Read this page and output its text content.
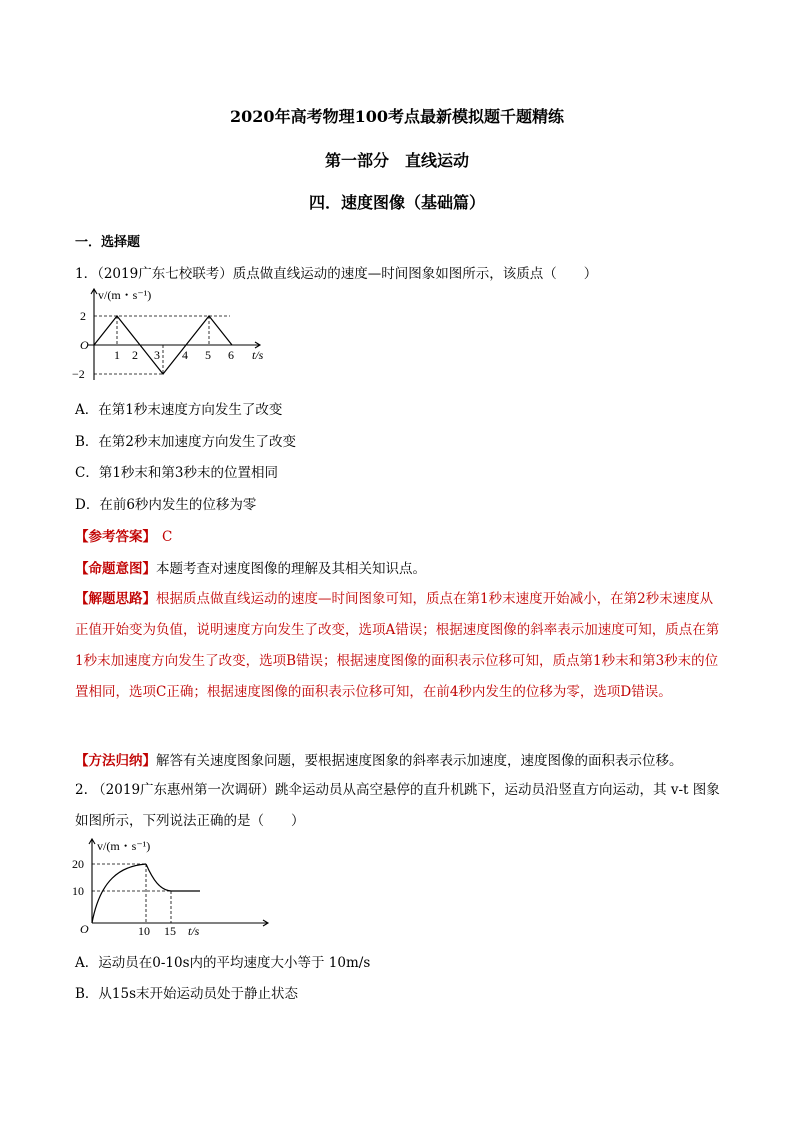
2020年高考物理100考点最新模拟题千题精练
第一部分　直线运动
四．速度图像（基础篇）
一．选择题
1．（2019广东七校联考）质点做直线运动的速度—时间图象如图所示，该质点（　　）
v/(m・s⁻¹)
2
−2
O
1 2 3 4 5 6 t/s
A．在第1秒末速度方向发生了改变
B．在第2秒末加速度方向发生了改变
C．第1秒末和第3秒末的位置相同
D．在前6秒内发生的位移为零
【参考答案】 C
【命题意图】本题考查对速度图像的理解及其相关知识点。
【解题思路】根据质点做直线运动的速度—时间图象可知，质点在第1秒末速度开始减小，在第2秒末速度从正值开始变为负值，说明速度方向发生了改变，选项A错误；根据速度图像的斜率表示加速度可知，质点在第1秒末加速度方向发生了改变，选项B错误；根据速度图像的面积表示位移可知，质点第1秒末和第3秒末的位置相同，选项C正确；根据速度图像的面积表示位移可知，在前4秒内发生的位移为零，选项D错误。
【方法归纳】解答有关速度图象问题，要根据速度图象的斜率表示加速度，速度图像的面积表示位移。
2. （2019广东惠州第一次调研）跳伞运动员从高空悬停的直升机跳下，运动员沿竖直方向运动，其 v-t 图象如图所示，下列说法正确的是（　　）
v/(m・s⁻¹)
20
10
O	10 15 t/s
A．运动员在0-10s内的平均速度大小等于 10m/s
B．从15s末开始运动员处于静止状态
